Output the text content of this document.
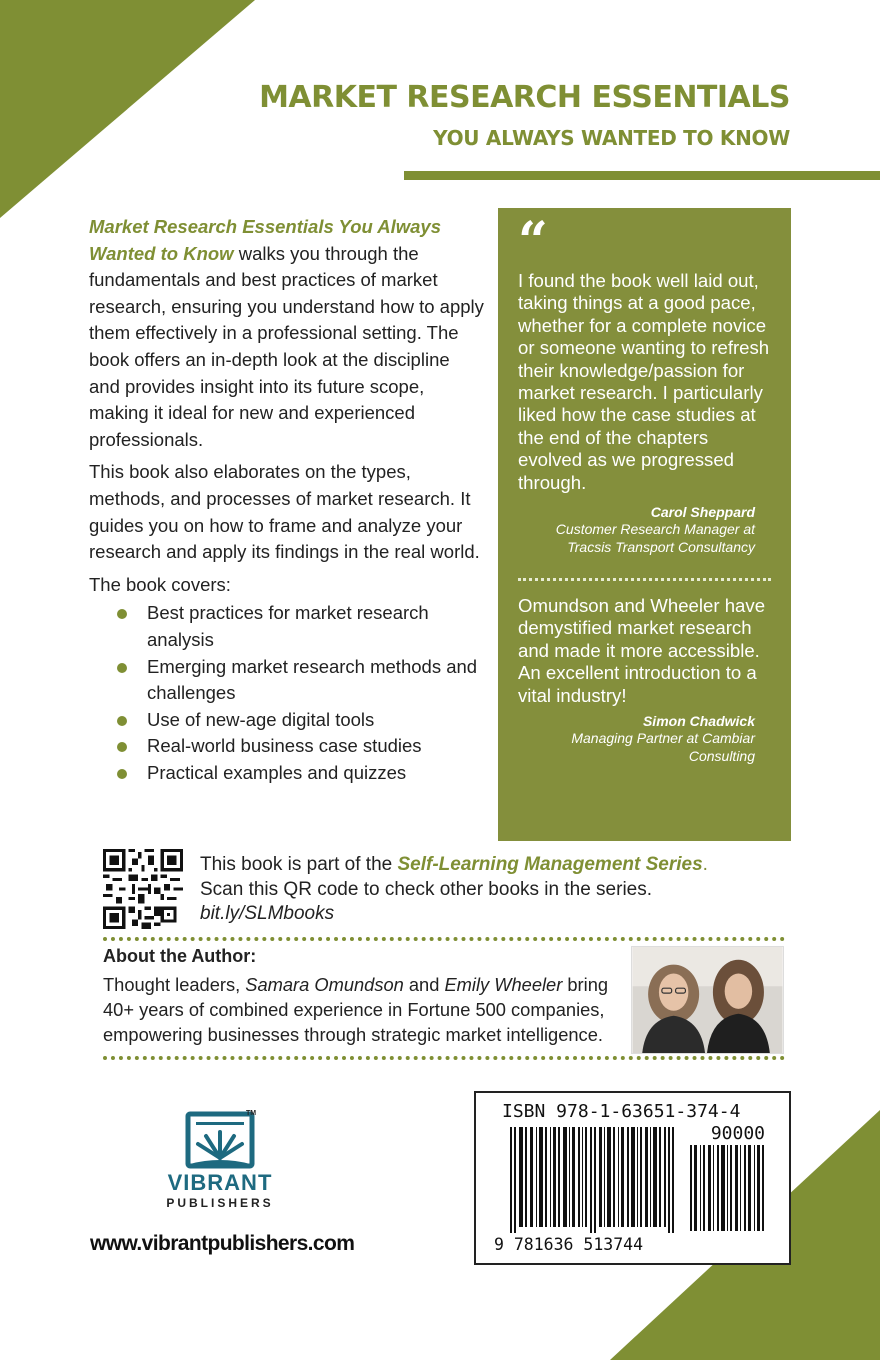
MARKET RESEARCH ESSENTIALS
YOU ALWAYS WANTED TO KNOW

Market Research Essentials You Always Wanted to Know walks you through the fundamentals and best practices of market research, ensuring you understand how to apply them effectively in a professional setting. The book offers an in-depth look at the discipline and provides insight into its future scope, making it ideal for new and experienced professionals.

This book also elaborates on the types, methods, and processes of market research. It guides you on how to frame and analyze your research and apply its findings in the real world.

The book covers:

Best practices for market research analysis
Emerging market research methods and challenges
Use of new-age digital tools
Real-world business case studies
Practical examples and quizzes
“
I found the book well laid out, taking things at a good pace, whether for a complete novice or someone wanting to refresh their knowledge/passion for market research. I particularly liked how the case studies at the end of the chapters evolved as we progressed through.
Carol Sheppard
Customer Research Manager at
Tracsis Transport Consultancy
Omundson and Wheeler have demystified market research and made it more accessible. An excellent introduction to a vital industry!
Simon Chadwick
Managing Partner at Cambiar
Consulting
This book is part of the Self-Learning Management Series.
Scan this QR code to check other books in the series.
bit.ly/SLMbooks
About the Author:
Thought leaders, Samara Omundson and Emily Wheeler bring 40+ years of combined experience in Fortune 500 companies, empowering businesses through strategic market intelligence.
TM
VIBRANT
PUBLISHERS
www.vibrantpublishers.com
ISBN 978-1-63651-374-4
90000
9 781636 513744
